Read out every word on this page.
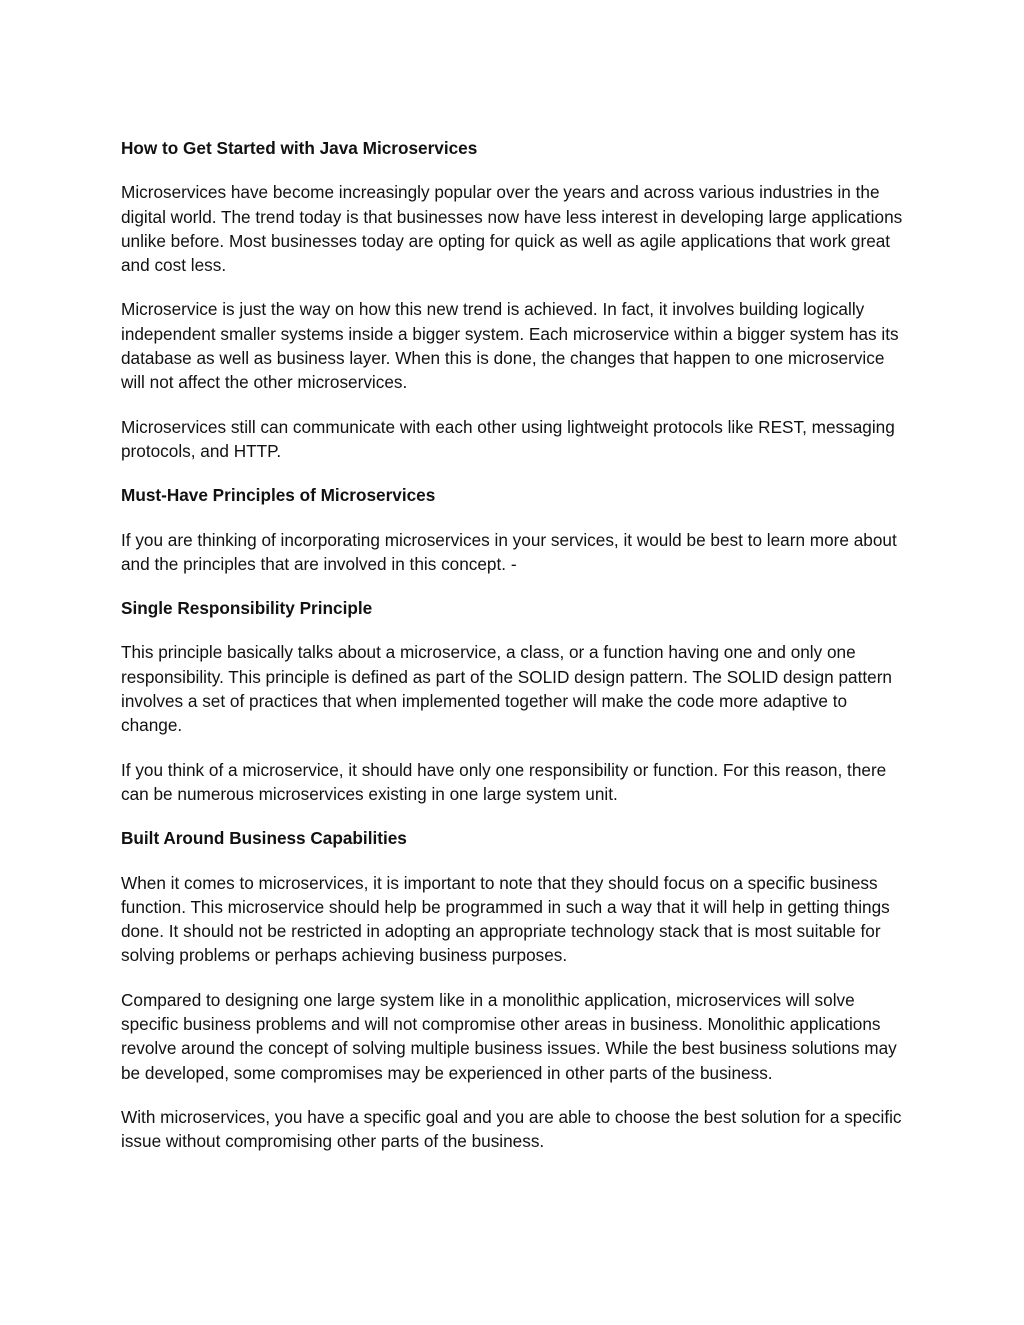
How to Get Started with Java Microservices

Microservices have become increasingly popular over the years and across various industries in the digital world. The trend today is that businesses now have less interest in developing large applications unlike before. Most businesses today are opting for quick as well as agile applications that work great and cost less.

Microservice is just the way on how this new trend is achieved. In fact, it involves building logically independent smaller systems inside a bigger system. Each microservice within a bigger system has its database as well as business layer. When this is done, the changes that happen to one microservice will not affect the other microservices.

Microservices still can communicate with each other using lightweight protocols like REST, messaging protocols, and HTTP.

Must-Have Principles of Microservices

If you are thinking of incorporating microservices in your services, it would be best to learn more about and the principles that are involved in this concept. -

Single Responsibility Principle

This principle basically talks about a microservice, a class, or a function having one and only one responsibility. This principle is defined as part of the SOLID design pattern. The SOLID design pattern involves a set of practices that when implemented together will make the code more adaptive to change.

If you think of a microservice, it should have only one responsibility or function. For this reason, there can be numerous microservices existing in one large system unit.

Built Around Business Capabilities

When it comes to microservices, it is important to note that they should focus on a specific business function. This microservice should help be programmed in such a way that it will help in getting things done. It should not be restricted in adopting an appropriate technology stack that is most suitable for solving problems or perhaps achieving business purposes.

Compared to designing one large system like in a monolithic application, microservices will solve specific business problems and will not compromise other areas in business. Monolithic applications revolve around the concept of solving multiple business issues. While the best business solutions may be developed, some compromises may be experienced in other parts of the business.

With microservices, you have a specific goal and you are able to choose the best solution for a specific issue without compromising other parts of the business.
